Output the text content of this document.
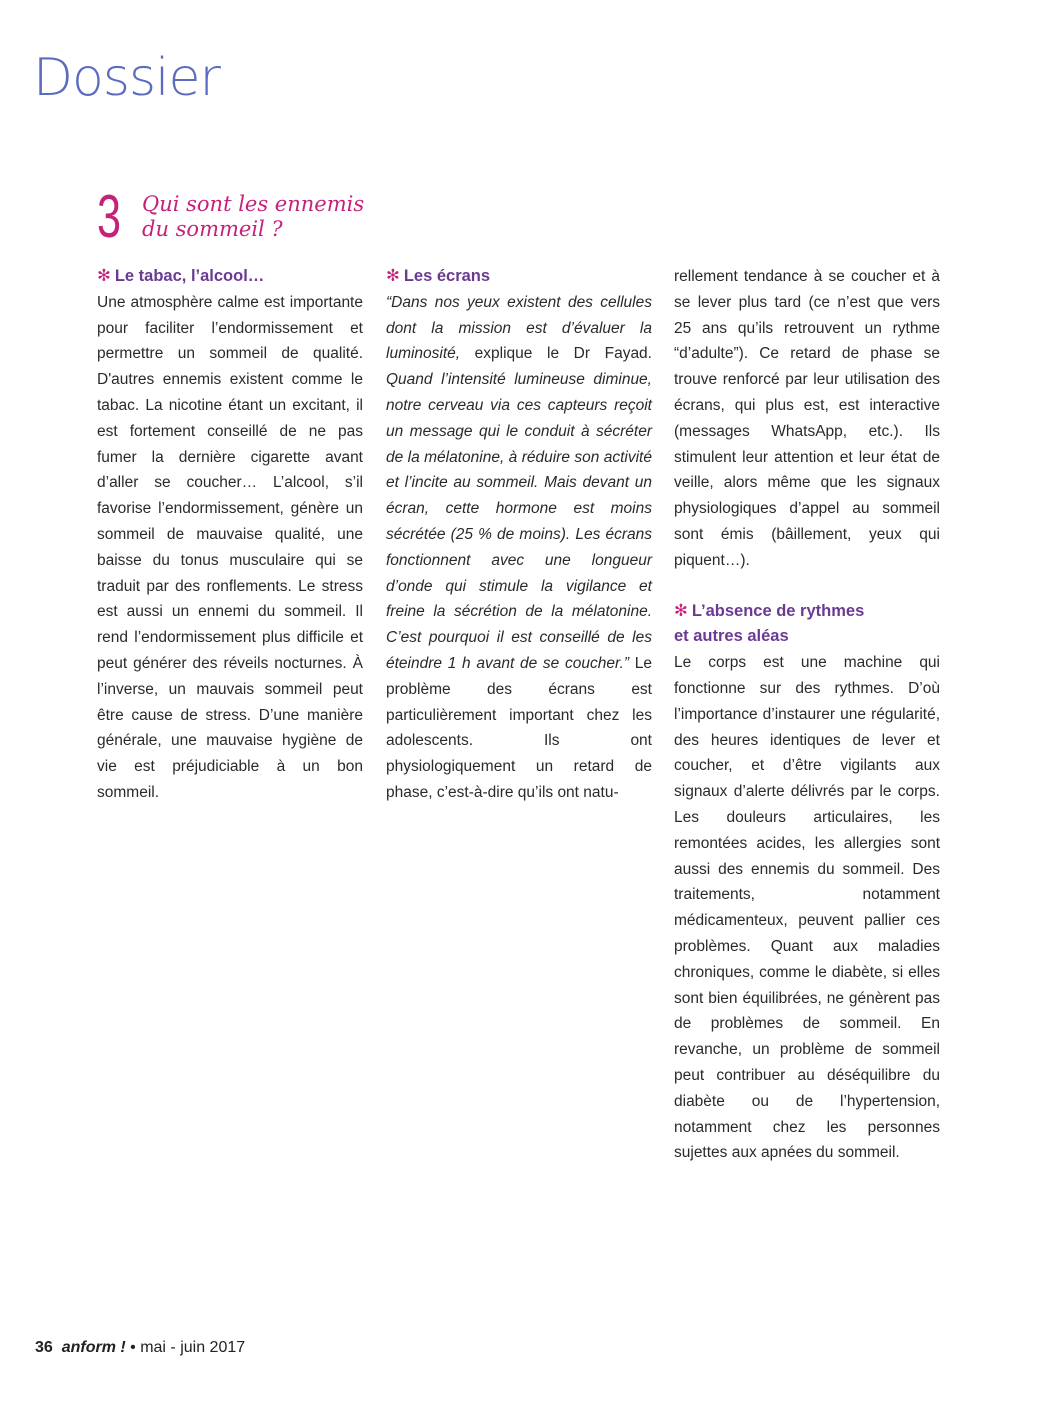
Dossier
3 Qui sont les ennemis
du sommeil ?

✻ Le tabac, l’alcool…

Une atmosphère calme est importante pour faciliter l’endormissement et permettre un sommeil de qualité. D'autres ennemis existent comme le tabac. La nicotine étant un excitant, il est fortement conseillé de ne pas fumer la dernière cigarette avant d’aller se coucher… L’alcool, s’il favorise l’endormissement, génère un sommeil de mauvaise qualité, une baisse du tonus musculaire qui se traduit par des ronflements. Le stress est aussi un ennemi du sommeil. Il rend l’endormissement plus difficile et peut générer des réveils nocturnes. À l’inverse, un mauvais sommeil peut être cause de stress. D’une manière générale, une mauvaise hygiène de vie est préjudiciable à un bon sommeil.

✻ Les écrans

“Dans nos yeux existent des cellules dont la mission est d’évaluer la luminosité, explique le Dr Fayad. Quand l’intensité lumineuse diminue, notre cerveau via ces capteurs reçoit un message qui le conduit à sécréter de la mélatonine, à réduire son activité et l’incite au sommeil. Mais devant un écran, cette hormone est moins sécrétée (25 % de moins). Les écrans fonctionnent avec une longueur d’onde qui stimule la vigilance et freine la sécrétion de la mélatonine. C’est pourquoi il est conseillé de les éteindre 1 h avant de se coucher.” Le problème des écrans est particulièrement important chez les adolescents. Ils ont physiologiquement un retard de phase, c’est-à-dire qu’ils ont natu-

rellement tendance à se coucher et à se lever plus tard (ce n’est que vers 25 ans qu’ils retrouvent un rythme “d’adulte”). Ce retard de phase se trouve renforcé par leur utilisation des écrans, qui plus est, est interactive (messages WhatsApp, etc.). Ils stimulent leur attention et leur état de veille, alors même que les signaux physiologiques d’appel au sommeil sont émis (bâillement, yeux qui piquent…).

✻ L’absence de rythmes
et autres aléas

Le corps est une machine qui fonctionne sur des rythmes. D’où l’importance d’instaurer une régularité, des heures identiques de lever et coucher, et d’être vigilants aux signaux d’alerte délivrés par le corps. Les douleurs articulaires, les remontées acides, les allergies sont aussi des ennemis du sommeil. Des traitements, notamment médicamenteux, peuvent pallier ces problèmes. Quant aux maladies chroniques, comme le diabète, si elles sont bien équilibrées, ne génèrent pas de problèmes de sommeil. En revanche, un problème de sommeil peut contribuer au déséquilibre du diabète ou de l’hypertension, notamment chez les personnes sujettes aux apnées du sommeil.

36 anform ! • mai - juin 2017
